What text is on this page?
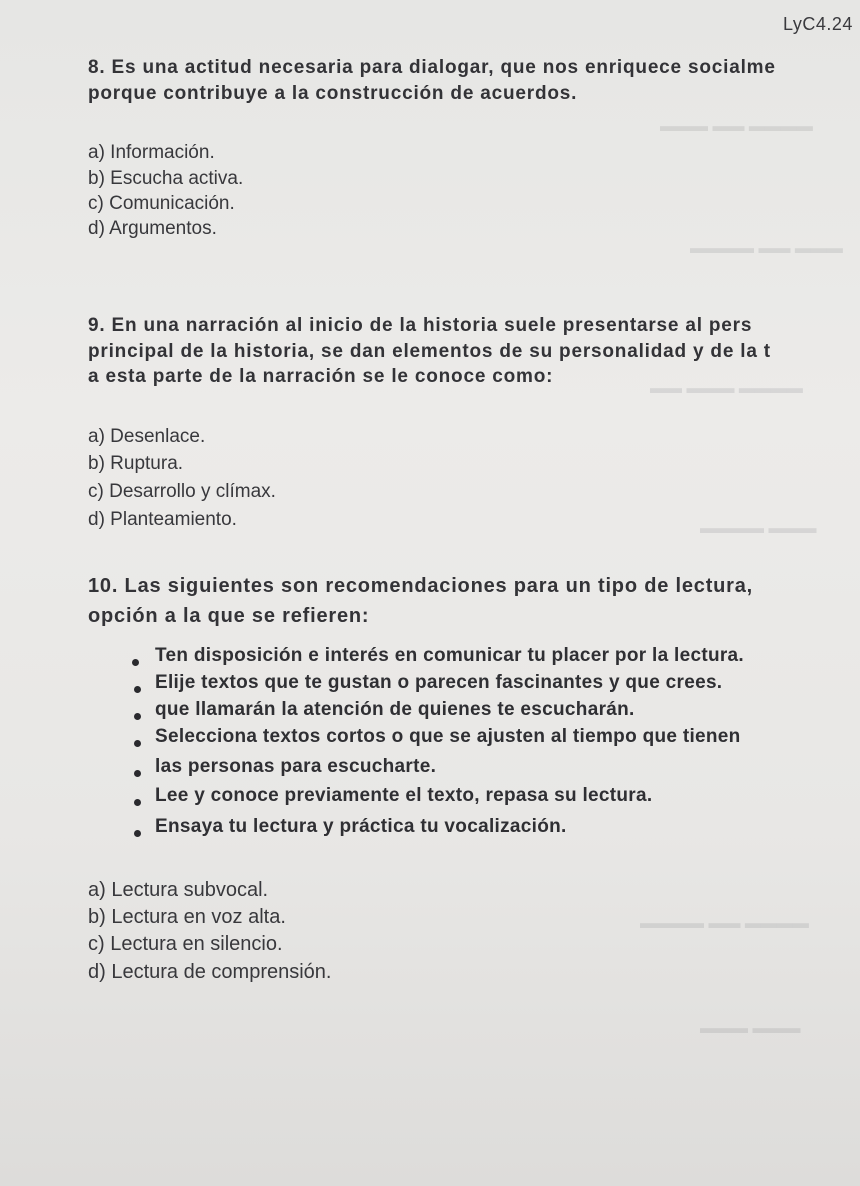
▬▬▬▬ ▬▬ ▬▬▬
▬▬▬ ▬▬ ▬▬▬▬
▬▬▬▬ ▬▬▬ ▬▬
▬▬▬ ▬▬▬▬
▬▬▬▬ ▬▬ ▬▬▬▬
▬▬▬ ▬▬▬
LyC4.24
8. Es una actitud necesaria para dialogar, que nos enriquece socialme
porque contribuye a la construcción de acuerdos.
a) Información.
b) Escucha activa.
c) Comunicación.
d) Argumentos.
9. En una narración al inicio de la historia suele presentarse al pers
principal de la historia, se dan elementos de su personalidad y de la t
a esta parte de la narración se le conoce como:
a) Desenlace.
b) Ruptura.
c) Desarrollo y clímax.
d) Planteamiento.
10. Las siguientes son recomendaciones para un tipo de lectura,
opción a la que se refieren:
Ten disposición e interés en comunicar tu placer por la lectura.
Elije textos que te gustan o parecen fascinantes y que crees.
que llamarán la atención de quienes te escucharán.
Selecciona textos cortos o que se ajusten al tiempo que tienen
las personas para escucharte.
Lee y conoce previamente el texto, repasa su lectura.
Ensaya tu lectura y práctica tu vocalización.
a) Lectura subvocal.
b) Lectura en voz alta.
c) Lectura en silencio.
d) Lectura de comprensión.
